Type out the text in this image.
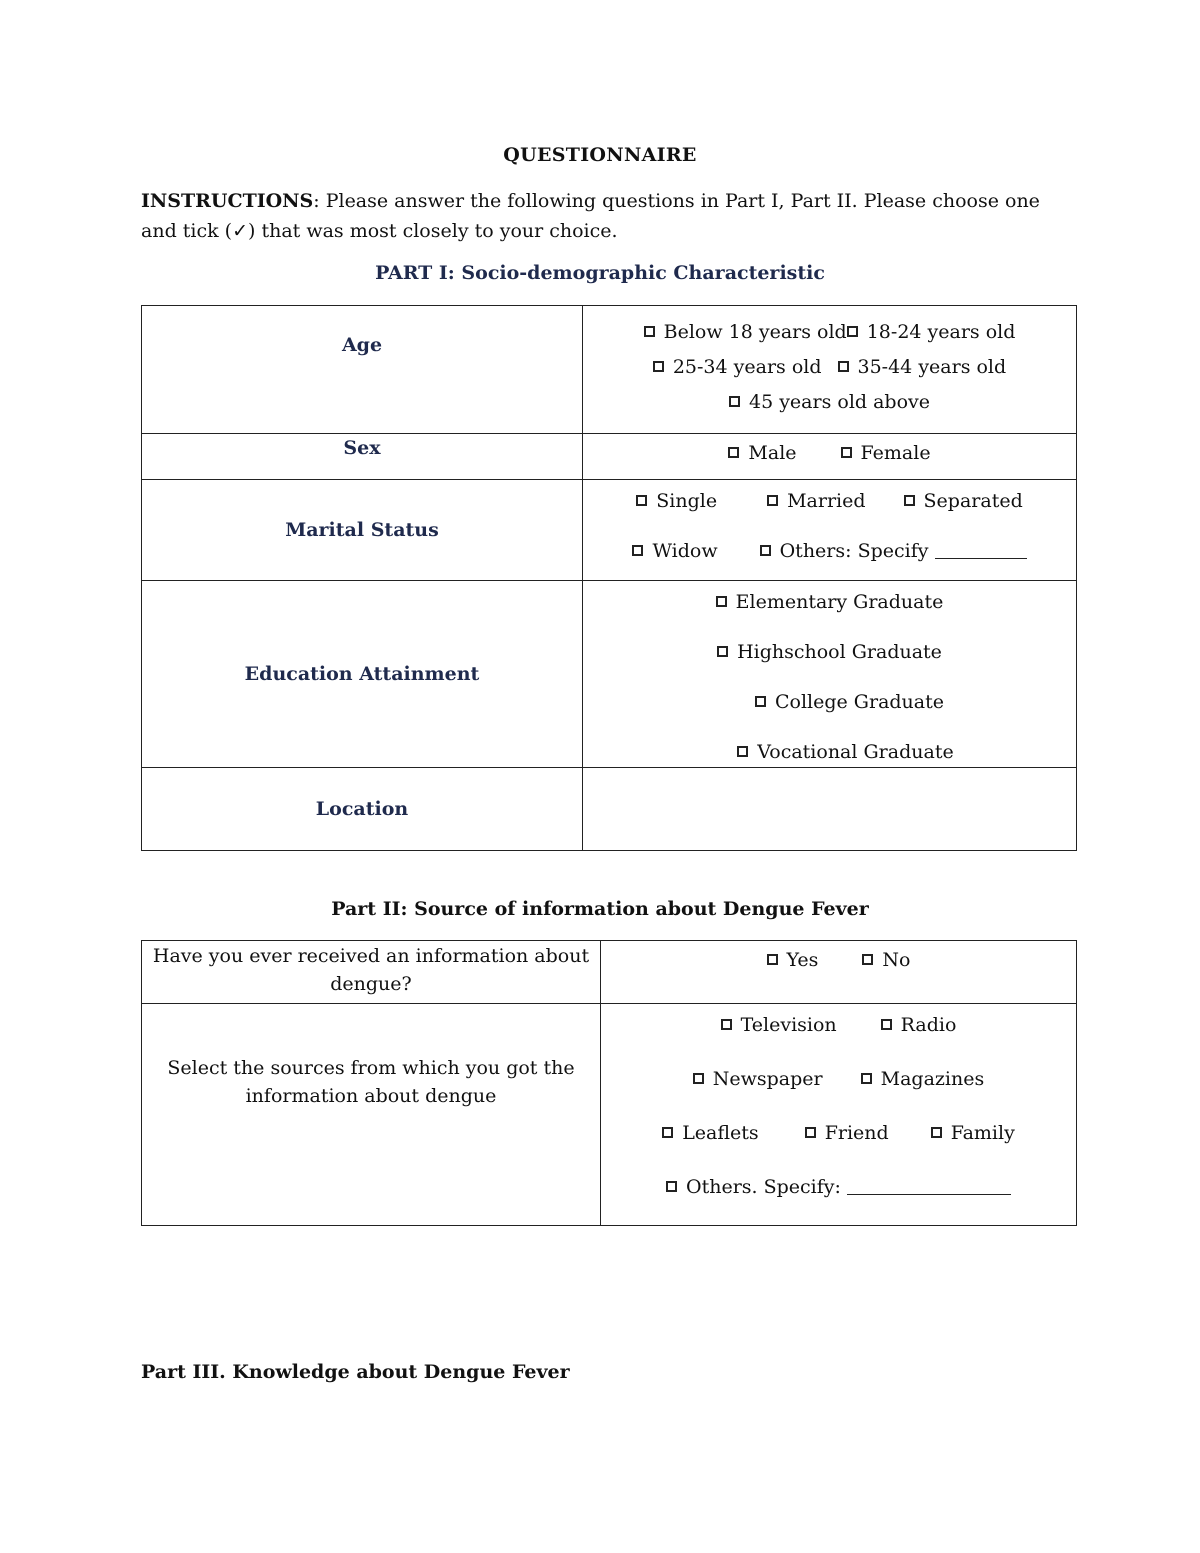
QUESTIONNAIRE
INSTRUCTIONS: Please answer the following questions in Part I, Part II. Please choose one and tick (✓) that was most closely to your choice.
PART I: Socio-demographic Characteristic
Age	Below 18 years old 18-24 years old
25-34 years old 35-44 years old
45 years old above

Sex	Male Female
Marital Status	Single Married Separated
Widow Others: Specify

Education Attainment	Elementary Graduate
Highschool Graduate
College Graduate
Vocational Graduate

Location	
Part II: Source of information about Dengue Fever
Have you ever received an information about dengue?	Yes No
Select the sources from which you got the information about dengue	Television Radio
Newspaper Magazines
Leaflets Friend Family
Others. Specify:
Part III. Knowledge about Dengue Fever
